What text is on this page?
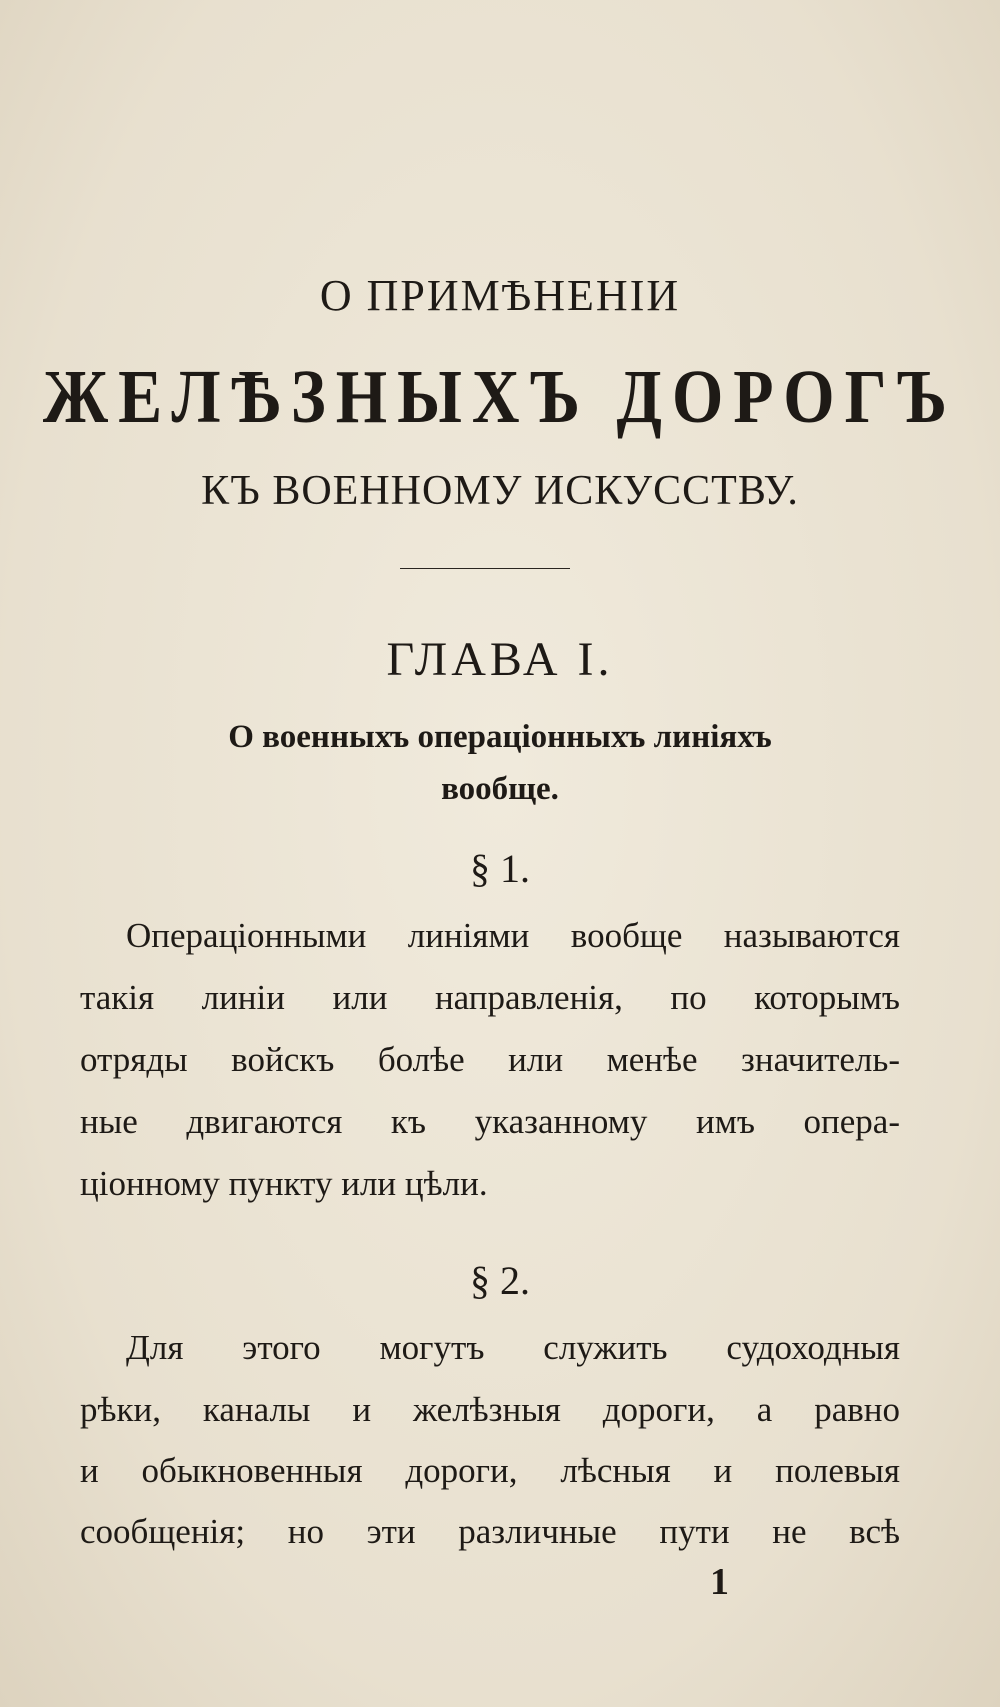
О ПРИМѢНЕНІИ
ЖЕЛѢЗНЫХЪ ДОРОГЪ
КЪ ВОЕННОМУ ИСКУССТВУ.
ГЛАВА I.
О военныхъ операціонныхъ линіяхъ
вообще.
§ 1.
Операціонными линіями вообще называются
такія линіи или направленія, по которымъ
отряды войскъ болѣе или менѣе значитель-
ные двигаются къ указанному имъ опера-
ціонному пункту или цѣли.
§ 2.
Для этого могутъ служить судоходныя
рѣки, каналы и желѣзныя дороги, а равно
и обыкновенныя дороги, лѣсныя и полевыя
сообщенія; но эти различные пути не всѣ
1
